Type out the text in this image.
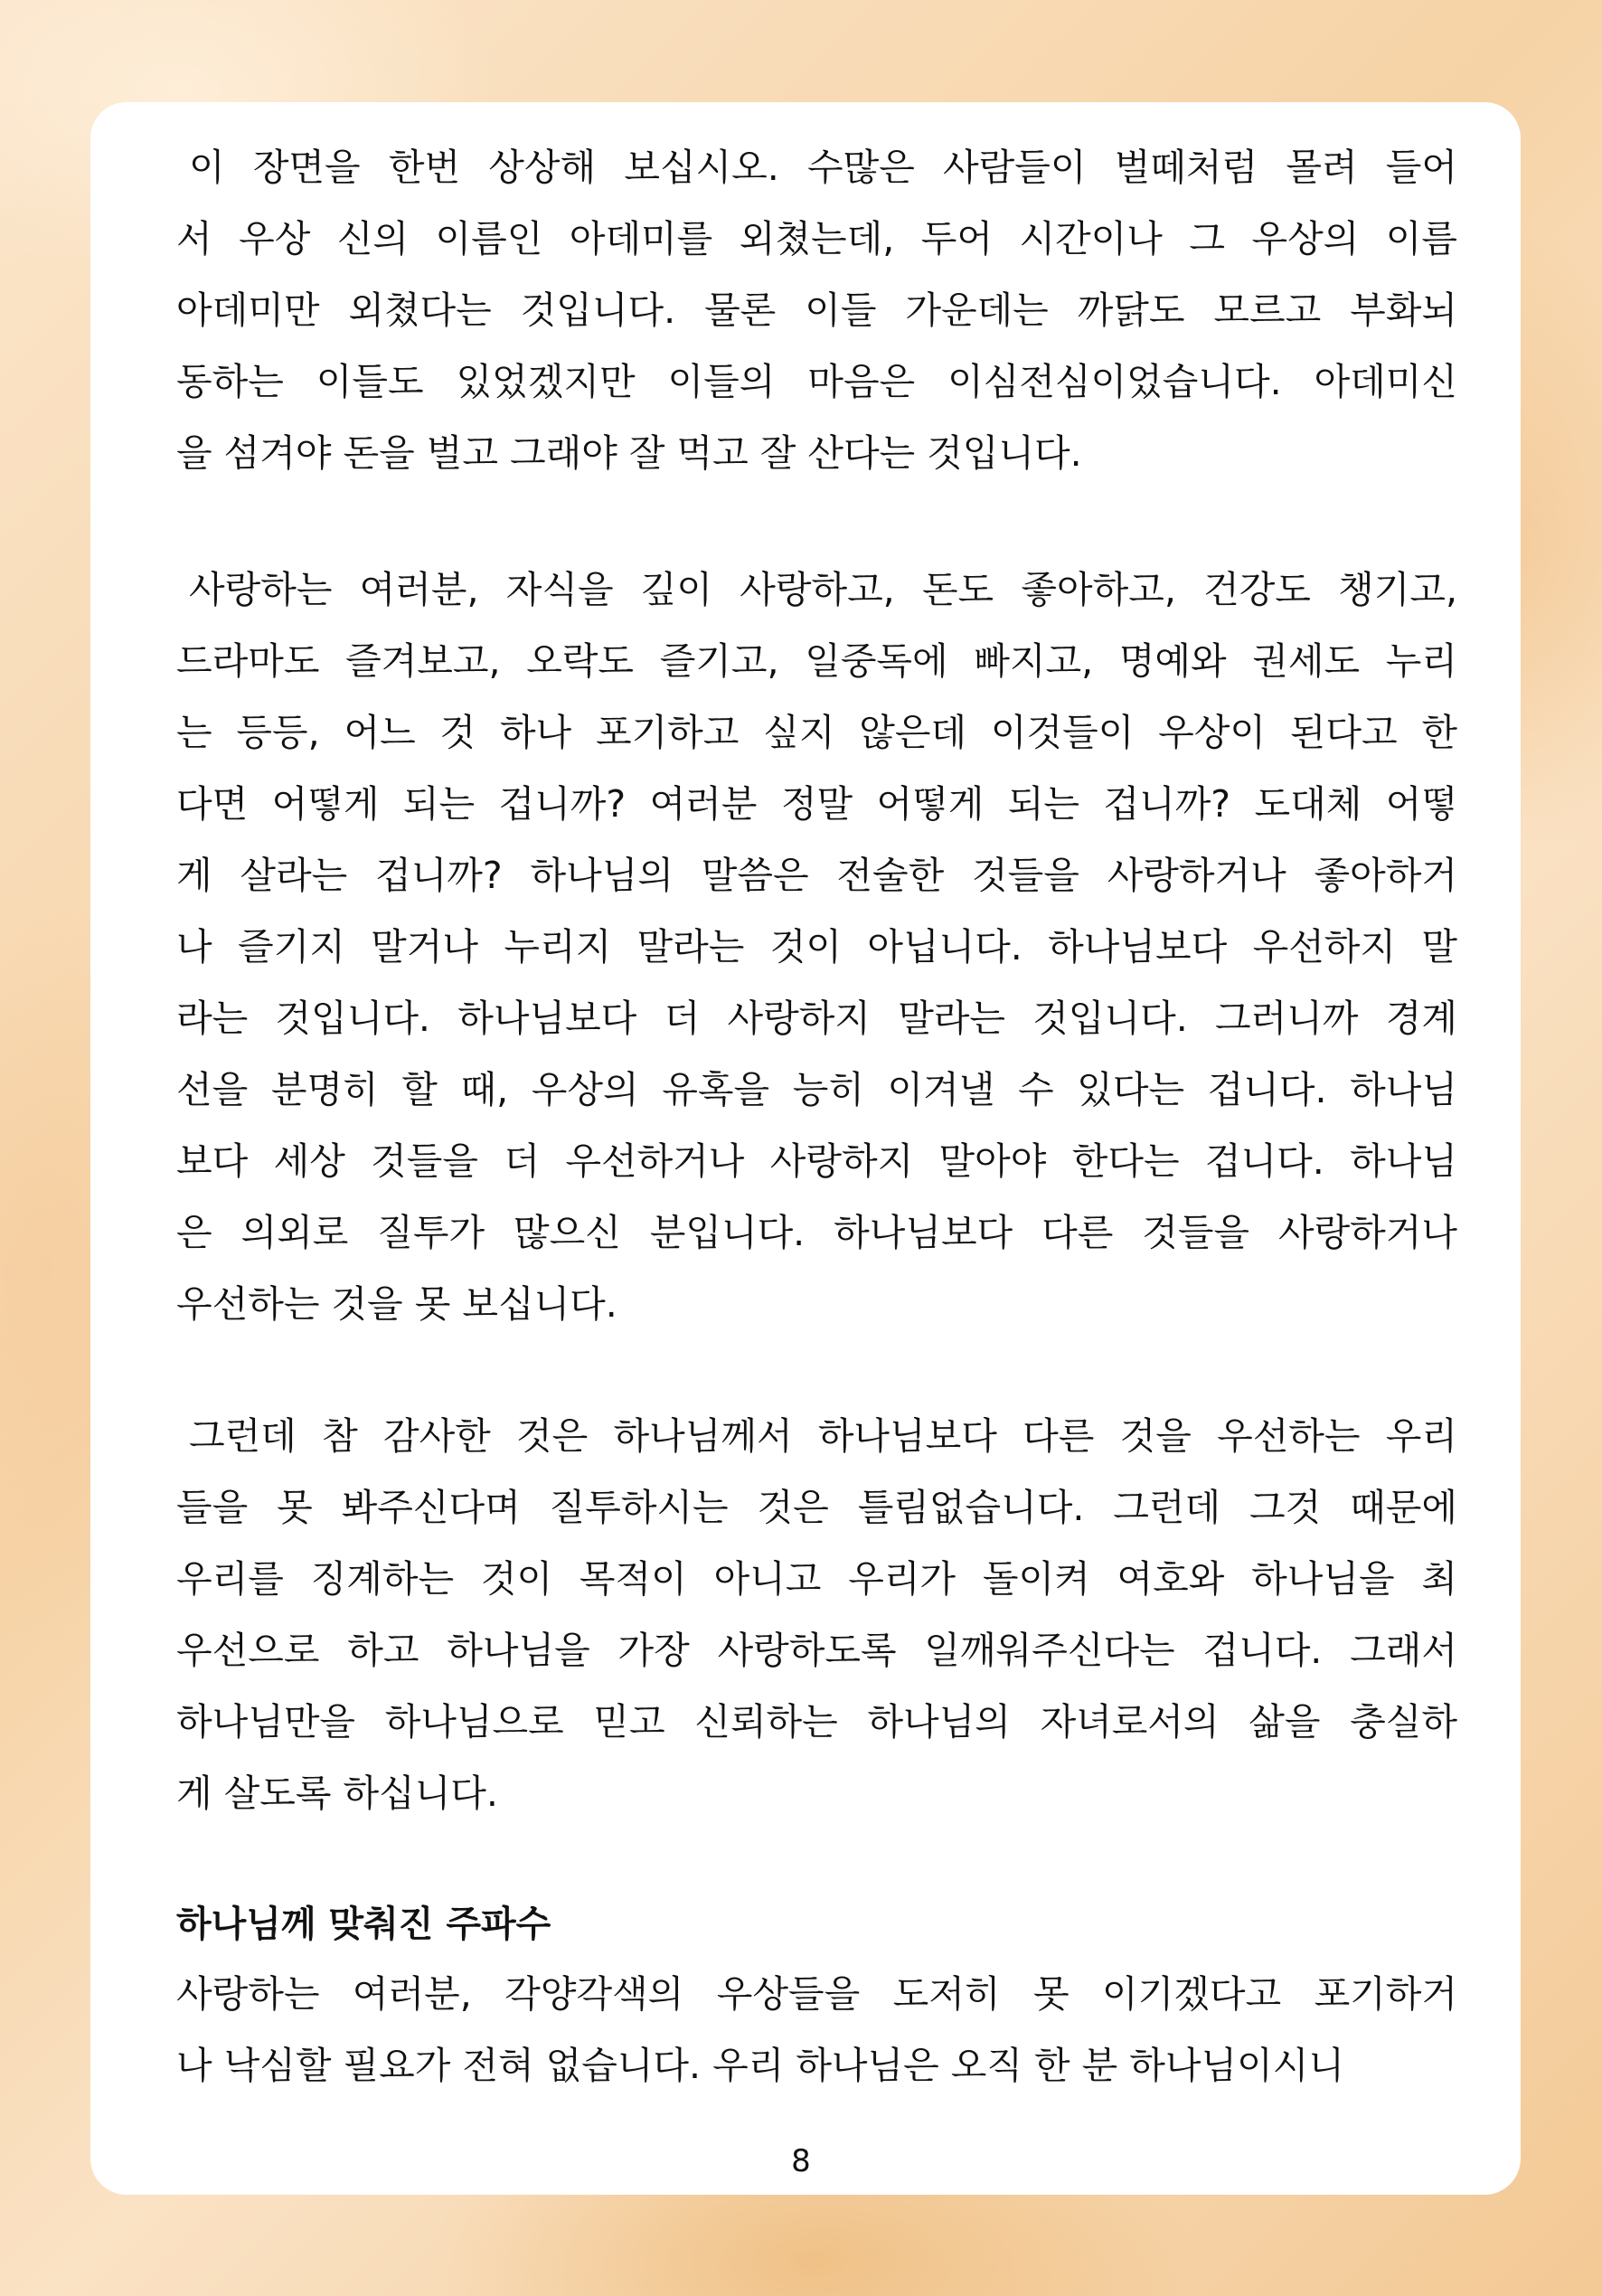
이 장면을 한번 상상해 보십시오. 수많은 사람들이 벌떼처럼 몰려 들어
서 우상 신의 이름인 아데미를 외쳤는데, 두어 시간이나 그 우상의 이름
아데미만 외쳤다는 것입니다. 물론 이들 가운데는 까닭도 모르고 부화뇌
동하는 이들도 있었겠지만 이들의 마음은 이심전심이었습니다. 아데미신
을 섬겨야 돈을 벌고 그래야 잘 먹고 잘 산다는 것입니다.
사랑하는 여러분, 자식을 깊이 사랑하고, 돈도 좋아하고, 건강도 챙기고,
드라마도 즐겨보고, 오락도 즐기고, 일중독에 빠지고, 명예와 권세도 누리
는 등등, 어느 것 하나 포기하고 싶지 않은데 이것들이 우상이 된다고 한
다면 어떻게 되는 겁니까? 여러분 정말 어떻게 되는 겁니까? 도대체 어떻
게 살라는 겁니까? 하나님의 말씀은 전술한 것들을 사랑하거나 좋아하거
나 즐기지 말거나 누리지 말라는 것이 아닙니다. 하나님보다 우선하지 말
라는 것입니다. 하나님보다 더 사랑하지 말라는 것입니다. 그러니까 경계
선을 분명히 할 때, 우상의 유혹을 능히 이겨낼 수 있다는 겁니다. 하나님
보다 세상 것들을 더 우선하거나 사랑하지 말아야 한다는 겁니다. 하나님
은 의외로 질투가 많으신 분입니다. 하나님보다 다른 것들을 사랑하거나
우선하는 것을 못 보십니다.
그런데 참 감사한 것은 하나님께서 하나님보다 다른 것을 우선하는 우리
들을 못 봐주신다며 질투하시는 것은 틀림없습니다. 그런데 그것 때문에
우리를 징계하는 것이 목적이 아니고 우리가 돌이켜 여호와 하나님을 최
우선으로 하고 하나님을 가장 사랑하도록 일깨워주신다는 겁니다. 그래서
하나님만을 하나님으로 믿고 신뢰하는 하나님의 자녀로서의 삶을 충실하
게 살도록 하십니다.
하나님께 맞춰진 주파수
사랑하는 여러분, 각양각색의 우상들을 도저히 못 이기겠다고 포기하거
나 낙심할 필요가 전혀 없습니다. 우리 하나님은 오직 한 분 하나님이시니
8
